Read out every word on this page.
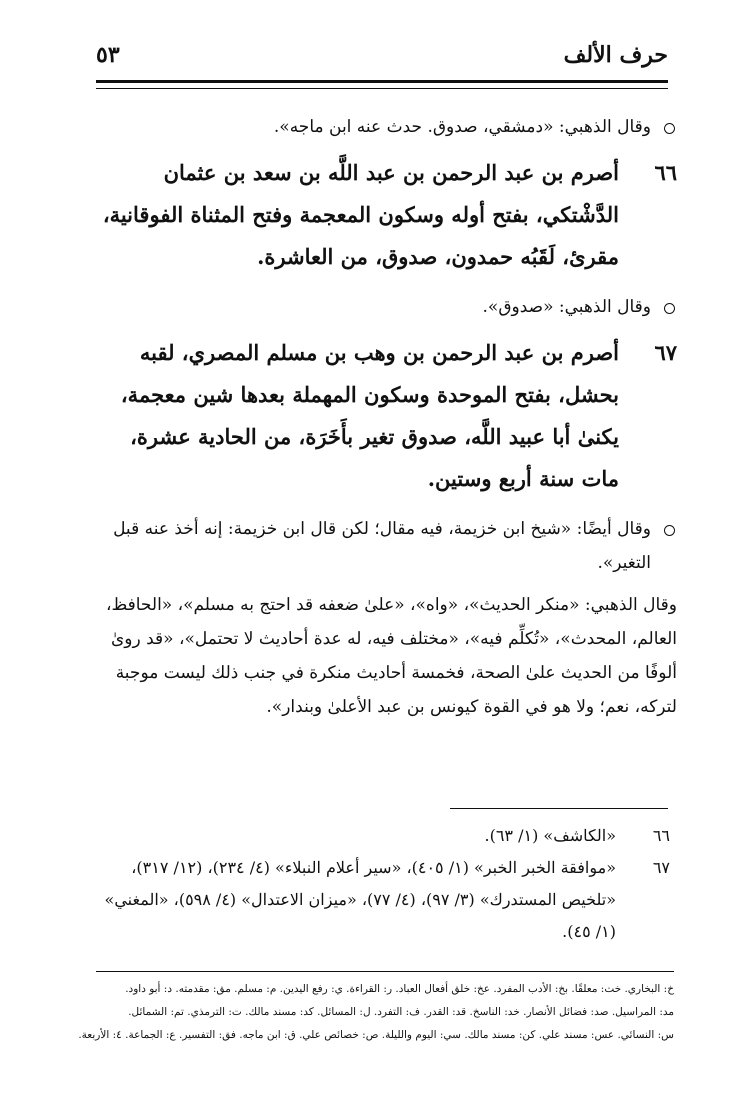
حرف الألف
٥٣
وقال الذهبي: «دمشقي، صدوق. حدث عنه ابن ماجه».
٦٦
أصرم بن عبد الرحمن بن عبد اللَّه بن سعد بن عثمان الدَّشْتكي، بفتح أوله وسكون المعجمة وفتح المثناة الفوقانية، مقرئ، لَقَبُه حمدون، صدوق، من العاشرة.
وقال الذهبي: «صدوق».
٦٧
أصرم بن عبد الرحمن بن وهب بن مسلم المصري، لقبه بحشل، بفتح الموحدة وسكون المهملة بعدها شين معجمة، يكنىٰ أبا عبيد اللَّه، صدوق تغير بأَخَرَة، من الحادية عشرة، مات سنة أربع وستين.
وقال أيضًا: «شيخ ابن خزيمة، فيه مقال؛ لكن قال ابن خزيمة: إنه أخذ عنه قبل التغير».
وقال الذهبي: «منكر الحديث»، «واه»، «علىٰ ضعفه قد احتج به مسلم»، «الحافظ، العالم، المحدث»، «تُكلِّم فيه»، «مختلف فيه، له عدة أحاديث لا تحتمل»، «قد روىٰ ألوفًا من الحديث علىٰ الصحة، فخمسة أحاديث منكرة في جنب ذلك ليست موجبة لتركه، نعم؛ ولا هو في القوة كيونس بن عبد الأعلىٰ وبندار».
٦٦
«الكاشف» (١/ ٦٣).
٦٧
«موافقة الخبر الخبر» (١/ ٤٠٥)، «سير أعلام النبلاء» (٤/ ٢٣٤)، (١٢/ ٣١٧)، «تلخيص المستدرك» (٣/ ٩٧)، (٤/ ٧٧)، «ميزان الاعتدال» (٤/ ٥٩٨)، «المغني» (١/ ٤٥).
خ: البخاري. خت: معلقًا. بخ: الأدب المفرد. عخ: خلق أفعال العباد. ر: القراءة. ي: رفع اليدين. م: مسلم. مق: مقدمته. د: أبو داود.
مد: المراسيل. صد: فضائل الأنصار. خد: الناسخ. قد: القدر. ف: التفرد. ل: المسائل. كد: مسند مالك. ت: الترمذي. تم: الشمائل.
س: النسائي. عس: مسند علي. كن: مسند مالك. سي: اليوم والليلة. ص: خصائص علي. ق: ابن ماجه. فق: التفسير. ع: الجماعة. ٤: الأربعة.
